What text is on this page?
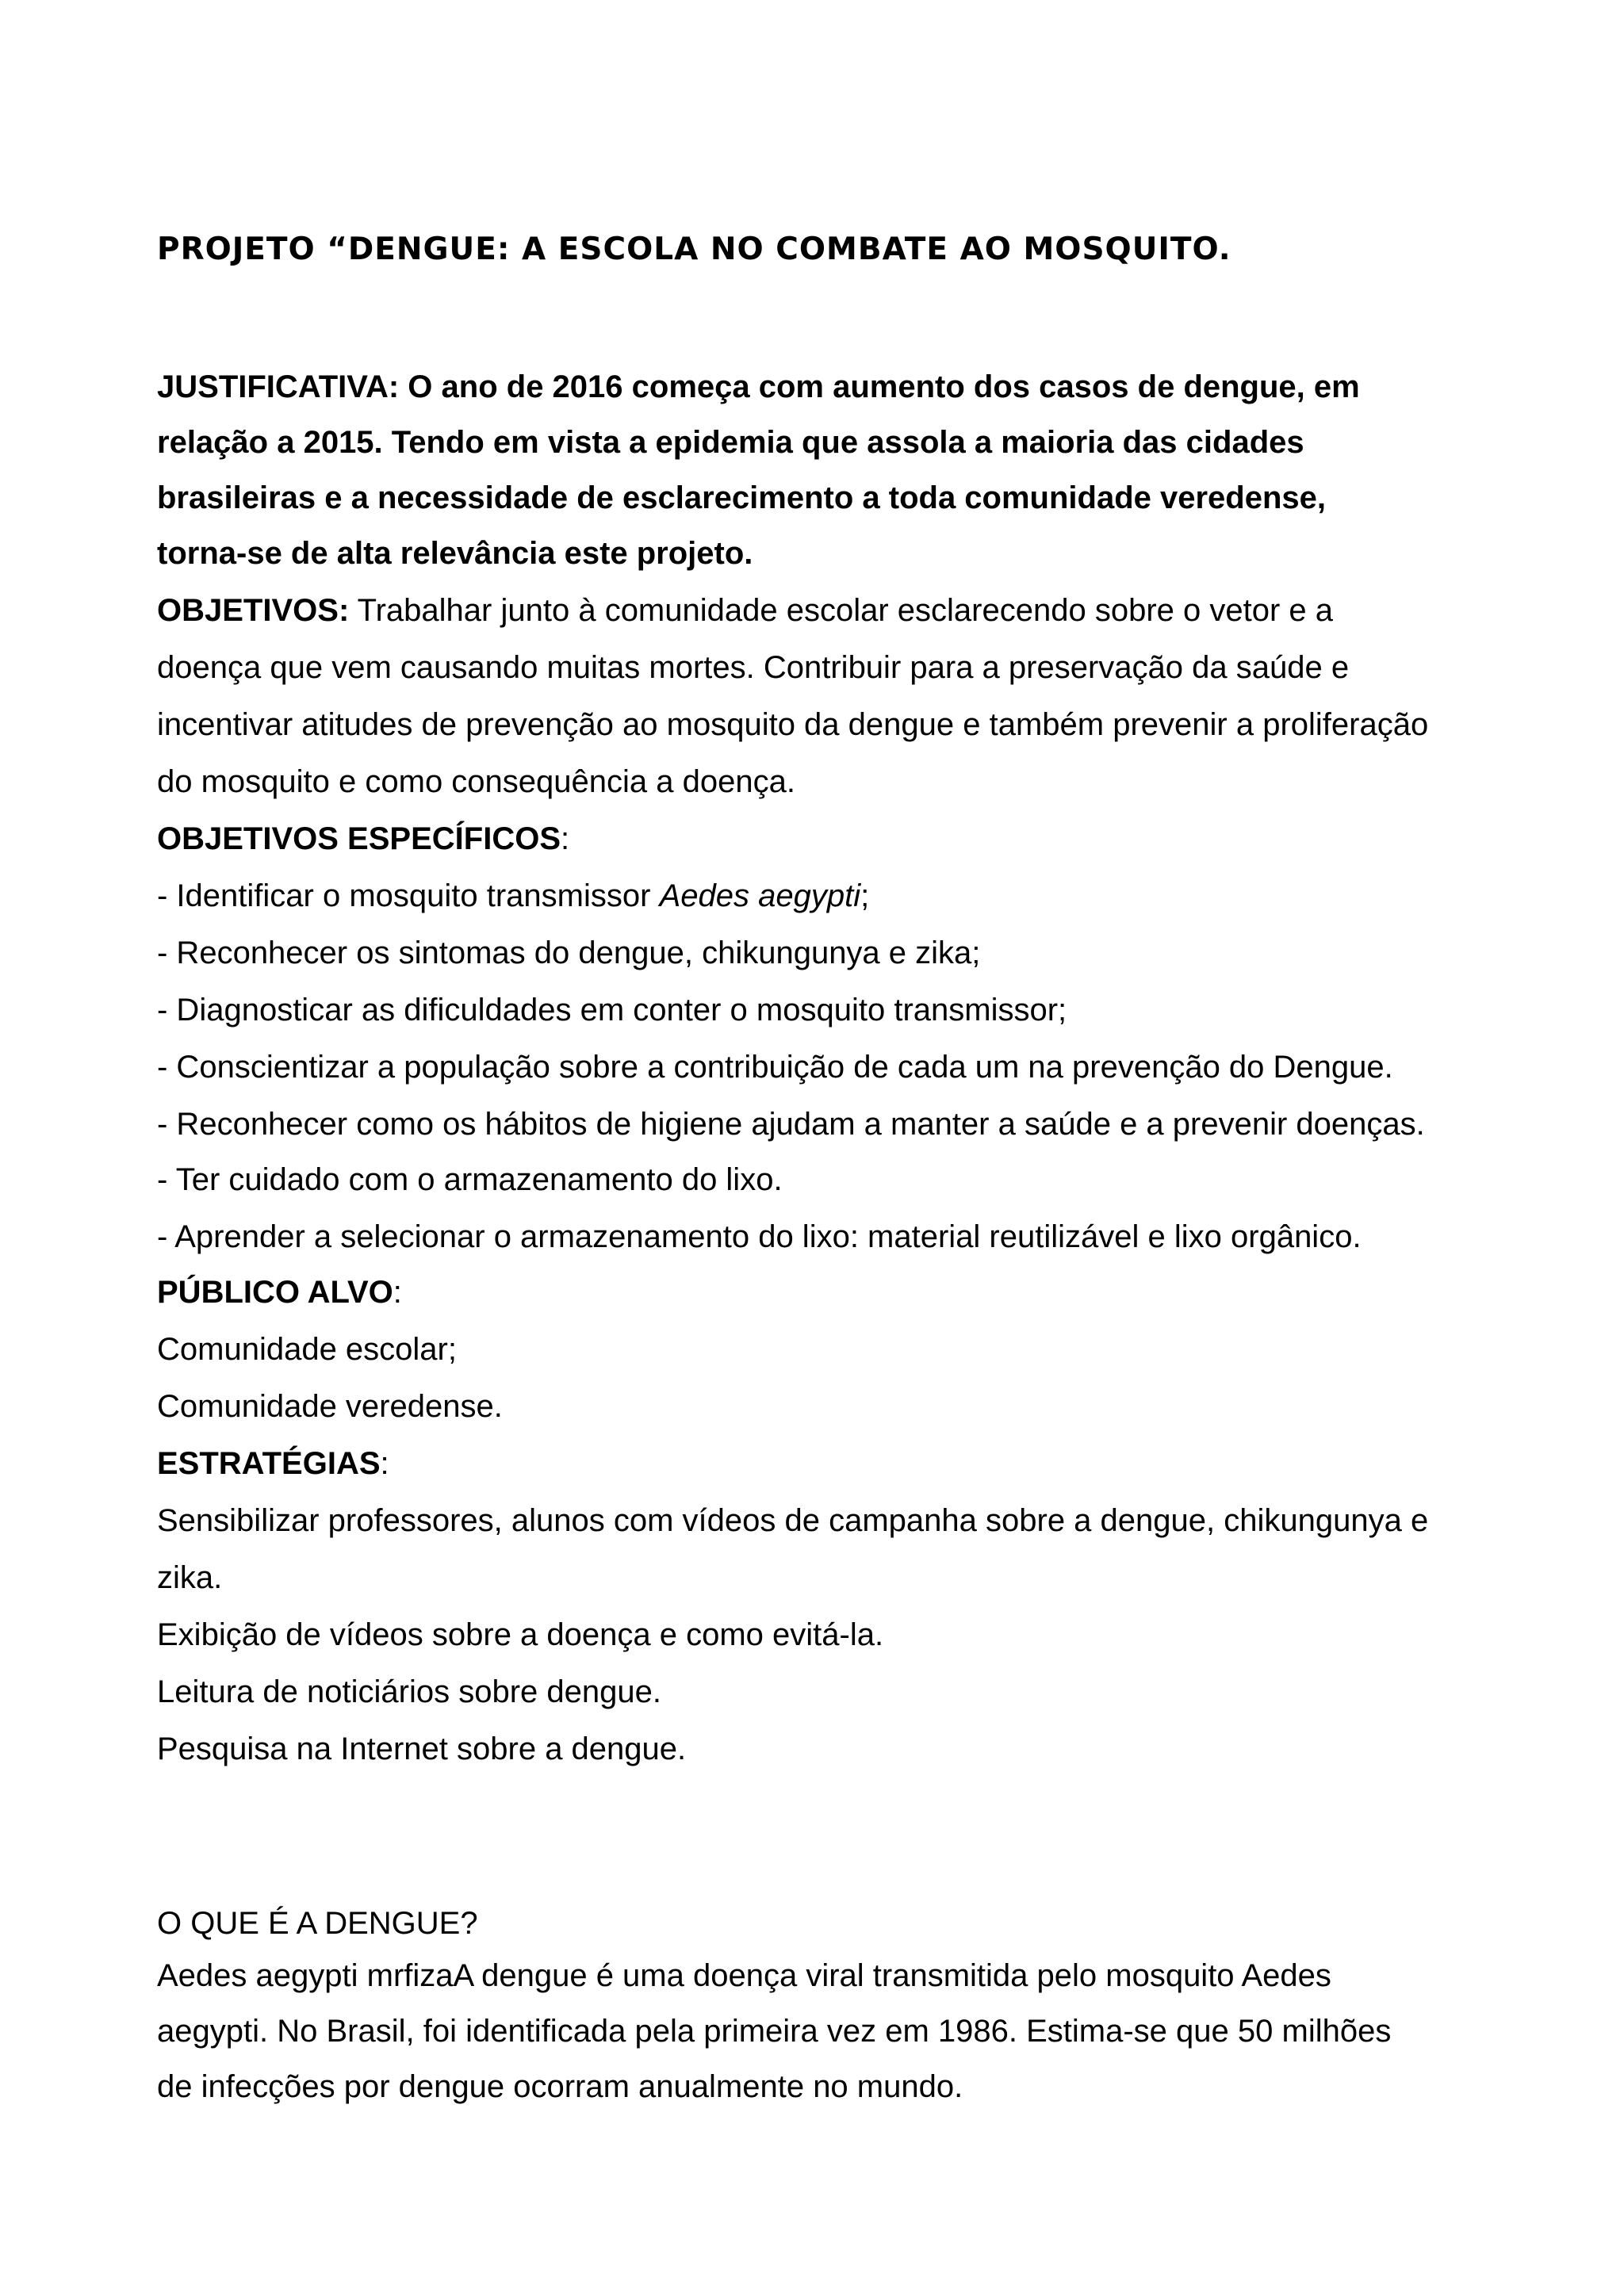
PROJETO “DENGUE: A ESCOLA NO COMBATE AO MOSQUITO.
JUSTIFICATIVA: O ano de 2016 começa com aumento dos casos de dengue, em
relação a 2015. Tendo em vista a epidemia que assola a maioria das cidades
brasileiras e a necessidade de esclarecimento a toda comunidade veredense,
torna-se de alta relevância este projeto.
OBJETIVOS: Trabalhar junto à comunidade escolar esclarecendo sobre o vetor e a
doença que vem causando muitas mortes. Contribuir para a preservação da saúde e
incentivar atitudes de prevenção ao mosquito da dengue e também prevenir a proliferação
do mosquito e como consequência a doença.
OBJETIVOS ESPECÍFICOS:
- Identificar o mosquito transmissor Aedes aegypti;
- Reconhecer os sintomas do dengue, chikungunya e zika;
- Diagnosticar as dificuldades em conter o mosquito transmissor;
- Conscientizar a população sobre a contribuição de cada um na prevenção do Dengue.
- Reconhecer como os hábitos de higiene ajudam a manter a saúde e a prevenir doenças.
- Ter cuidado com o armazenamento do lixo.
- Aprender a selecionar o armazenamento do lixo: material reutilizável e lixo orgânico.
PÚBLICO ALVO:
Comunidade escolar;
Comunidade veredense.
ESTRATÉGIAS:
Sensibilizar professores, alunos com vídeos de campanha sobre a dengue, chikungunya e
zika.
Exibição de vídeos sobre a doença e como evitá-la.
Leitura de noticiários sobre dengue.
Pesquisa na Internet sobre a dengue.
O QUE É A DENGUE?
Aedes aegypti mrfizaA dengue é uma doença viral transmitida pelo mosquito Aedes
aegypti. No Brasil, foi identificada pela primeira vez em 1986. Estima-se que 50 milhões
de infecções por dengue ocorram anualmente no mundo.
